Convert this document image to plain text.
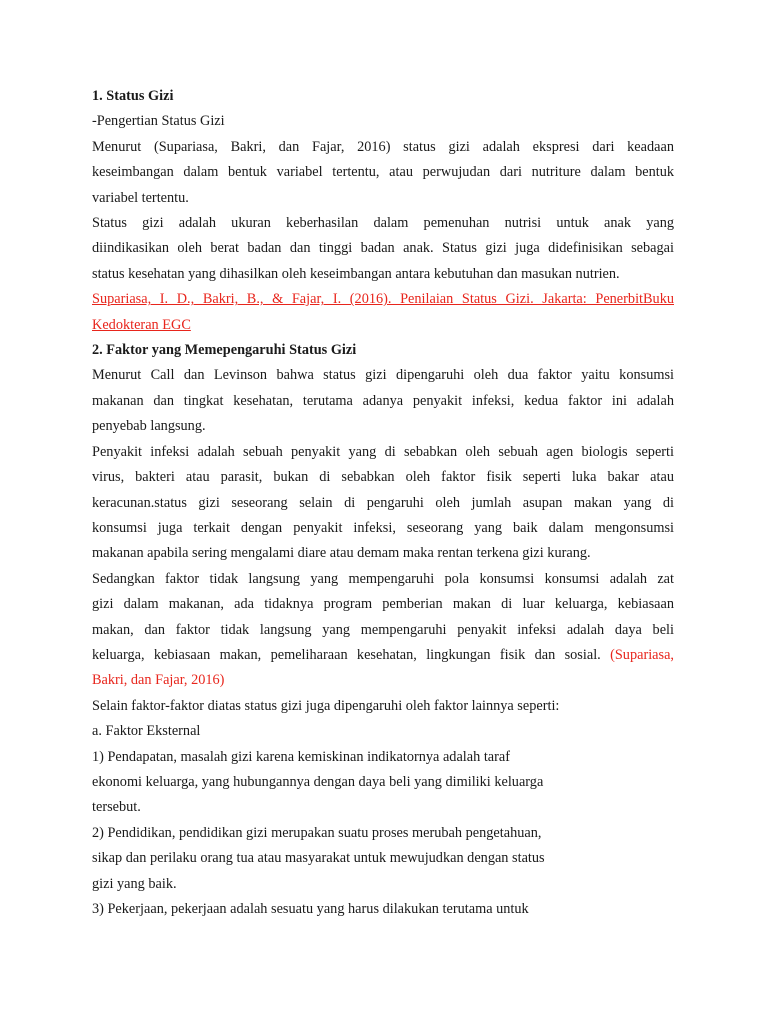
1. Status Gizi
-Pengertian Status Gizi
Menurut (Supariasa, Bakri, dan Fajar, 2016) status gizi adalah ekspresi dari keadaan
keseimbangan dalam bentuk variabel tertentu, atau perwujudan dari nutriture dalam bentuk
variabel tertentu.
Status gizi adalah ukuran keberhasilan dalam pemenuhan nutrisi untuk anak yang
diindikasikan oleh berat badan dan tinggi badan anak. Status gizi juga didefinisikan sebagai
status kesehatan yang dihasilkan oleh keseimbangan antara kebutuhan dan masukan nutrien.
Supariasa, I. D., Bakri, B., & Fajar, I. (2016). Penilaian Status Gizi. Jakarta: PenerbitBuku
Kedokteran EGC
2. Faktor yang Memepengaruhi Status Gizi
Menurut Call dan Levinson bahwa status gizi dipengaruhi oleh dua faktor yaitu konsumsi
makanan dan tingkat kesehatan, terutama adanya penyakit infeksi, kedua faktor ini adalah
penyebab langsung.
Penyakit infeksi adalah sebuah penyakit yang di sebabkan oleh sebuah agen biologis seperti
virus, bakteri atau parasit, bukan di sebabkan oleh faktor fisik seperti luka bakar atau
keracunan.status gizi seseorang selain di pengaruhi oleh jumlah asupan makan yang di
konsumsi juga terkait dengan penyakit infeksi, seseorang yang baik dalam mengonsumsi
makanan apabila sering mengalami diare atau demam maka rentan terkena gizi kurang.
Sedangkan faktor tidak langsung yang mempengaruhi pola konsumsi konsumsi adalah zat
gizi dalam makanan, ada tidaknya program pemberian makan di luar keluarga, kebiasaan
makan, dan faktor tidak langsung yang mempengaruhi penyakit infeksi adalah daya beli
keluarga, kebiasaan makan, pemeliharaan kesehatan, lingkungan fisik dan sosial. (Supariasa,
Bakri, dan Fajar, 2016)
Selain faktor-faktor diatas status gizi juga dipengaruhi oleh faktor lainnya seperti:
a. Faktor Eksternal
1) Pendapatan, masalah gizi karena kemiskinan indikatornya adalah taraf
ekonomi keluarga, yang hubungannya dengan daya beli yang dimiliki keluarga
tersebut.
2) Pendidikan, pendidikan gizi merupakan suatu proses merubah pengetahuan,
sikap dan perilaku orang tua atau masyarakat untuk mewujudkan dengan status
gizi yang baik.
3) Pekerjaan, pekerjaan adalah sesuatu yang harus dilakukan terutama untuk
